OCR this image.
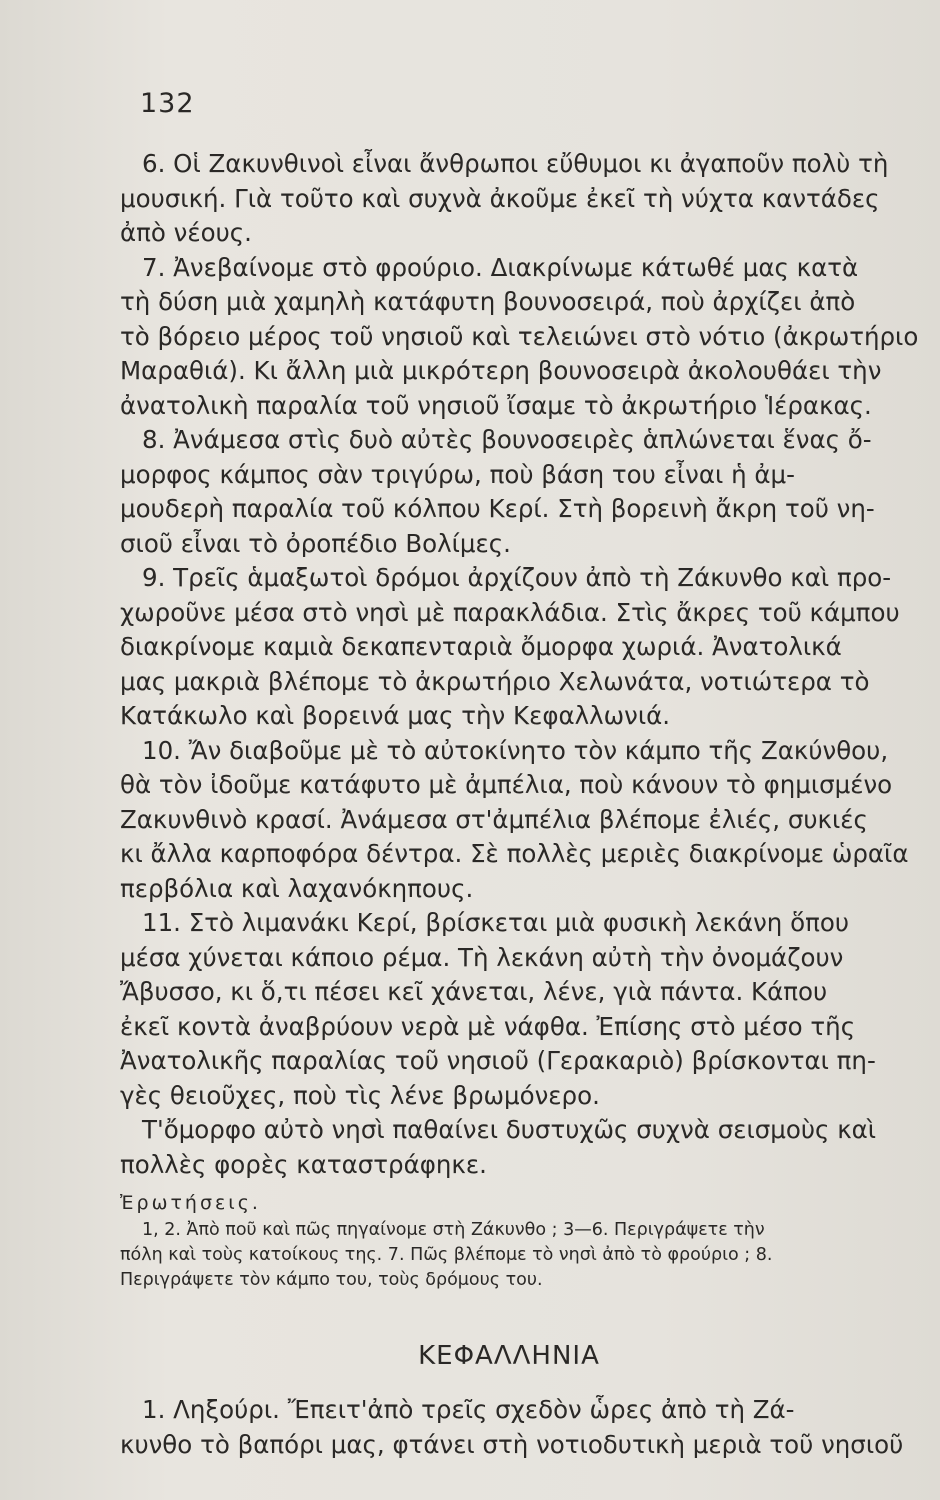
132
6. Οἱ Ζακυνθινοὶ εἶναι ἄνθρωποι εὔθυμοι κι ἀγαποῦν πολὺ τὴ
μουσική. Γιὰ τοῦτο καὶ συχνὰ ἀκοῦμε ἐκεῖ τὴ νύχτα καντάδες
ἀπὸ νέους.
7. Ἀνεβαίνομε στὸ φρούριο. Διακρίνωμε κάτωθέ μας κατὰ
τὴ δύση μιὰ χαμηλὴ κατάφυτη βουνοσειρά, ποὺ ἀρχίζει ἀπὸ
τὸ βόρειο μέρος τοῦ νησιοῦ καὶ τελειώνει στὸ νότιο (ἀκρωτήριο
Μαραθιά). Κι ἄλλη μιὰ μικρότερη βουνοσειρὰ ἀκολουθάει τὴν
ἀνατολικὴ παραλία τοῦ νησιοῦ ἴσαμε τὸ ἀκρωτήριο Ἱέρακας.
8. Ἀνάμεσα στὶς δυὸ αὐτὲς βουνοσειρὲς ἁπλώνεται ἕνας ὄ-
μορφος κάμπος σὰν τριγύρω, ποὺ βάση του εἶναι ἡ ἀμ-
μουδερὴ παραλία τοῦ κόλπου Κερί. Στὴ βορεινὴ ἄκρη τοῦ νη-
σιοῦ εἶναι τὸ ὀροπέδιο Βολίμες.
9. Τρεῖς ἁμαξωτοὶ δρόμοι ἀρχίζουν ἀπὸ τὴ Ζάκυνθο καὶ προ-
χωροῦνε μέσα στὸ νησὶ μὲ παρακλάδια. Στὶς ἄκρες τοῦ κάμπου
διακρίνομε καμιὰ δεκαπενταριὰ ὄμορφα χωριά. Ἀνατολικά
μας μακριὰ βλέπομε τὸ ἀκρωτήριο Χελωνάτα, νοτιώτερα τὸ
Κατάκωλο καὶ βορεινά μας τὴν Κεφαλλωνιά.
10. Ἄν διαβοῦμε μὲ τὸ αὐτοκίνητο τὸν κάμπο τῆς Ζακύνθου,
θὰ τὸν ἰδοῦμε κατάφυτο μὲ ἀμπέλια, ποὺ κάνουν τὸ φημισμένο
Ζακυνθινὸ κρασί. Ἀνάμεσα στ'ἀμπέλια βλέπομε ἐλιές, συκιές
κι ἄλλα καρποφόρα δέντρα. Σὲ πολλὲς μεριὲς διακρίνομε ὡραῖα
περβόλια καὶ λαχανόκηπους.
11. Στὸ λιμανάκι Κερί, βρίσκεται μιὰ φυσικὴ λεκάνη ὅπου
μέσα χύνεται κάποιο ρέμα. Τὴ λεκάνη αὐτὴ τὴν ὀνομάζουν
Ἄβυσσο, κι ὅ,τι πέσει κεῖ χάνεται, λένε, γιὰ πάντα. Κάπου
ἐκεῖ κοντὰ ἀναβρύουν νερὰ μὲ νάφθα. Ἐπίσης στὸ μέσο τῆς
Ἀνατολικῆς παραλίας τοῦ νησιοῦ (Γερακαριὸ) βρίσκονται πη-
γὲς θειοῦχες, ποὺ τὶς λένε βρωμόνερο.
Τ'ὄμορφο αὐτὸ νησὶ παθαίνει δυστυχῶς συχνὰ σεισμοὺς καὶ
πολλὲς φορὲς καταστράφηκε.
Ἐρωτήσεις.
1, 2. Ἀπὸ ποῦ καὶ πῶς πηγαίνομε στὴ Ζάκυνθο ; 3—6. Περιγράψετε τὴν
πόλη καὶ τοὺς κατοίκους της. 7. Πῶς βλέπομε τὸ νησὶ ἀπὸ τὸ φρούριο ; 8.
Περιγράψετε τὸν κάμπο του, τοὺς δρόμους του.
ΚΕΦΑΛΛΗΝΙΑ
1. Ληξούρι. Ἔπειτ'ἀπὸ τρεῖς σχεδὸν ὧρες ἀπὸ τὴ Ζά-
κυνθο τὸ βαπόρι μας, φτάνει στὴ νοτιοδυτικὴ μεριὰ τοῦ νησιοῦ
